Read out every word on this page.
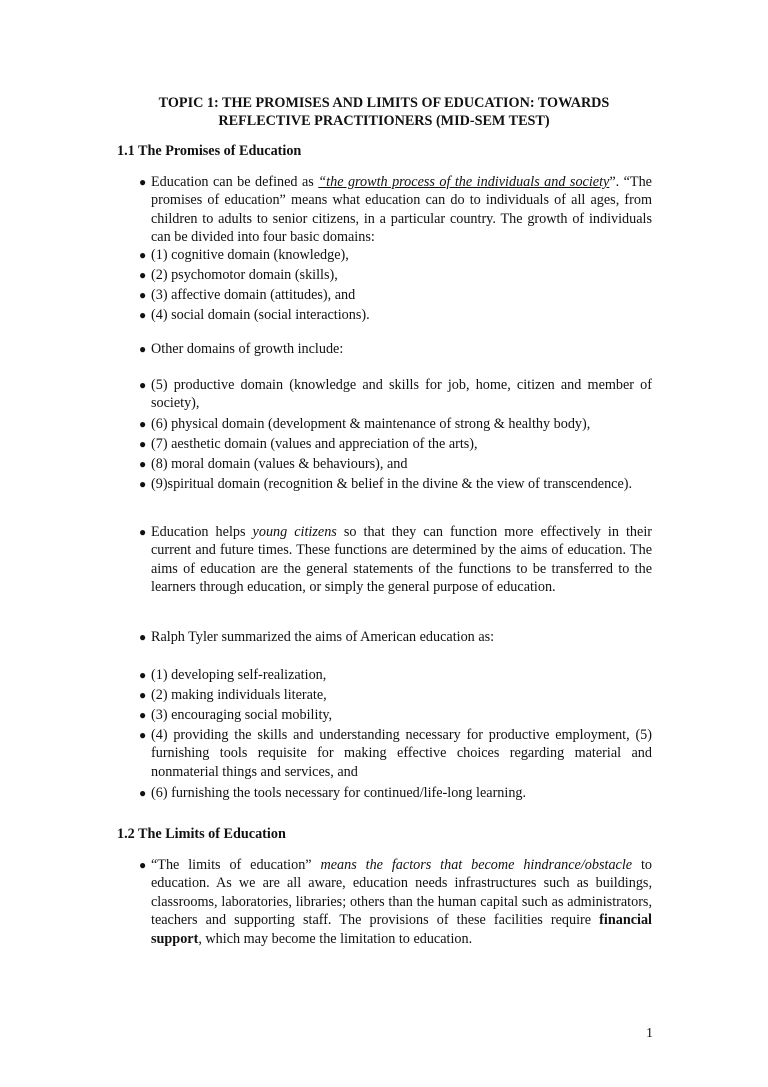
TOPIC 1: THE PROMISES AND LIMITS OF EDUCATION: TOWARDS
REFLECTIVE PRACTITIONERS (MID-SEM TEST)
1.1 The Promises of Education
● Education can be defined as “the growth process of the individuals and society”. “The promises of education” means what education can do to individuals of all ages, from children to adults to senior citizens, in a particular country. The growth of individuals can be divided into four basic domains:
● (1) cognitive domain (knowledge),
● (2) psychomotor domain (skills),
● (3) affective domain (attitudes), and
● (4) social domain (social interactions).
● Other domains of growth include:
● (5) productive domain (knowledge and skills for job, home, citizen and member of society),
● (6) physical domain (development & maintenance of strong & healthy body),
● (7) aesthetic domain (values and appreciation of the arts),
● (8) moral domain (values & behaviours), and
● (9)spiritual domain (recognition & belief in the divine & the view of transcendence).
● Education helps young citizens so that they can function more effectively in their current and future times. These functions are determined by the aims of education. The aims of education are the general statements of the functions to be transferred to the learners through education, or simply the general purpose of education.
● Ralph Tyler summarized the aims of American education as:
● (1) developing self-realization,
● (2) making individuals literate,
● (3) encouraging social mobility,
● (4) providing the skills and understanding necessary for productive employment, (5) furnishing tools requisite for making effective choices regarding material and nonmaterial things and services, and
● (6) furnishing the tools necessary for continued/life-long learning.
1.2 The Limits of Education
● “The limits of education” means the factors that become hindrance/obstacle to education. As we are all aware, education needs infrastructures such as buildings, classrooms, laboratories, libraries; others than the human capital such as administrators, teachers and supporting staff. The provisions of these facilities require financial support, which may become the limitation to education.
1
